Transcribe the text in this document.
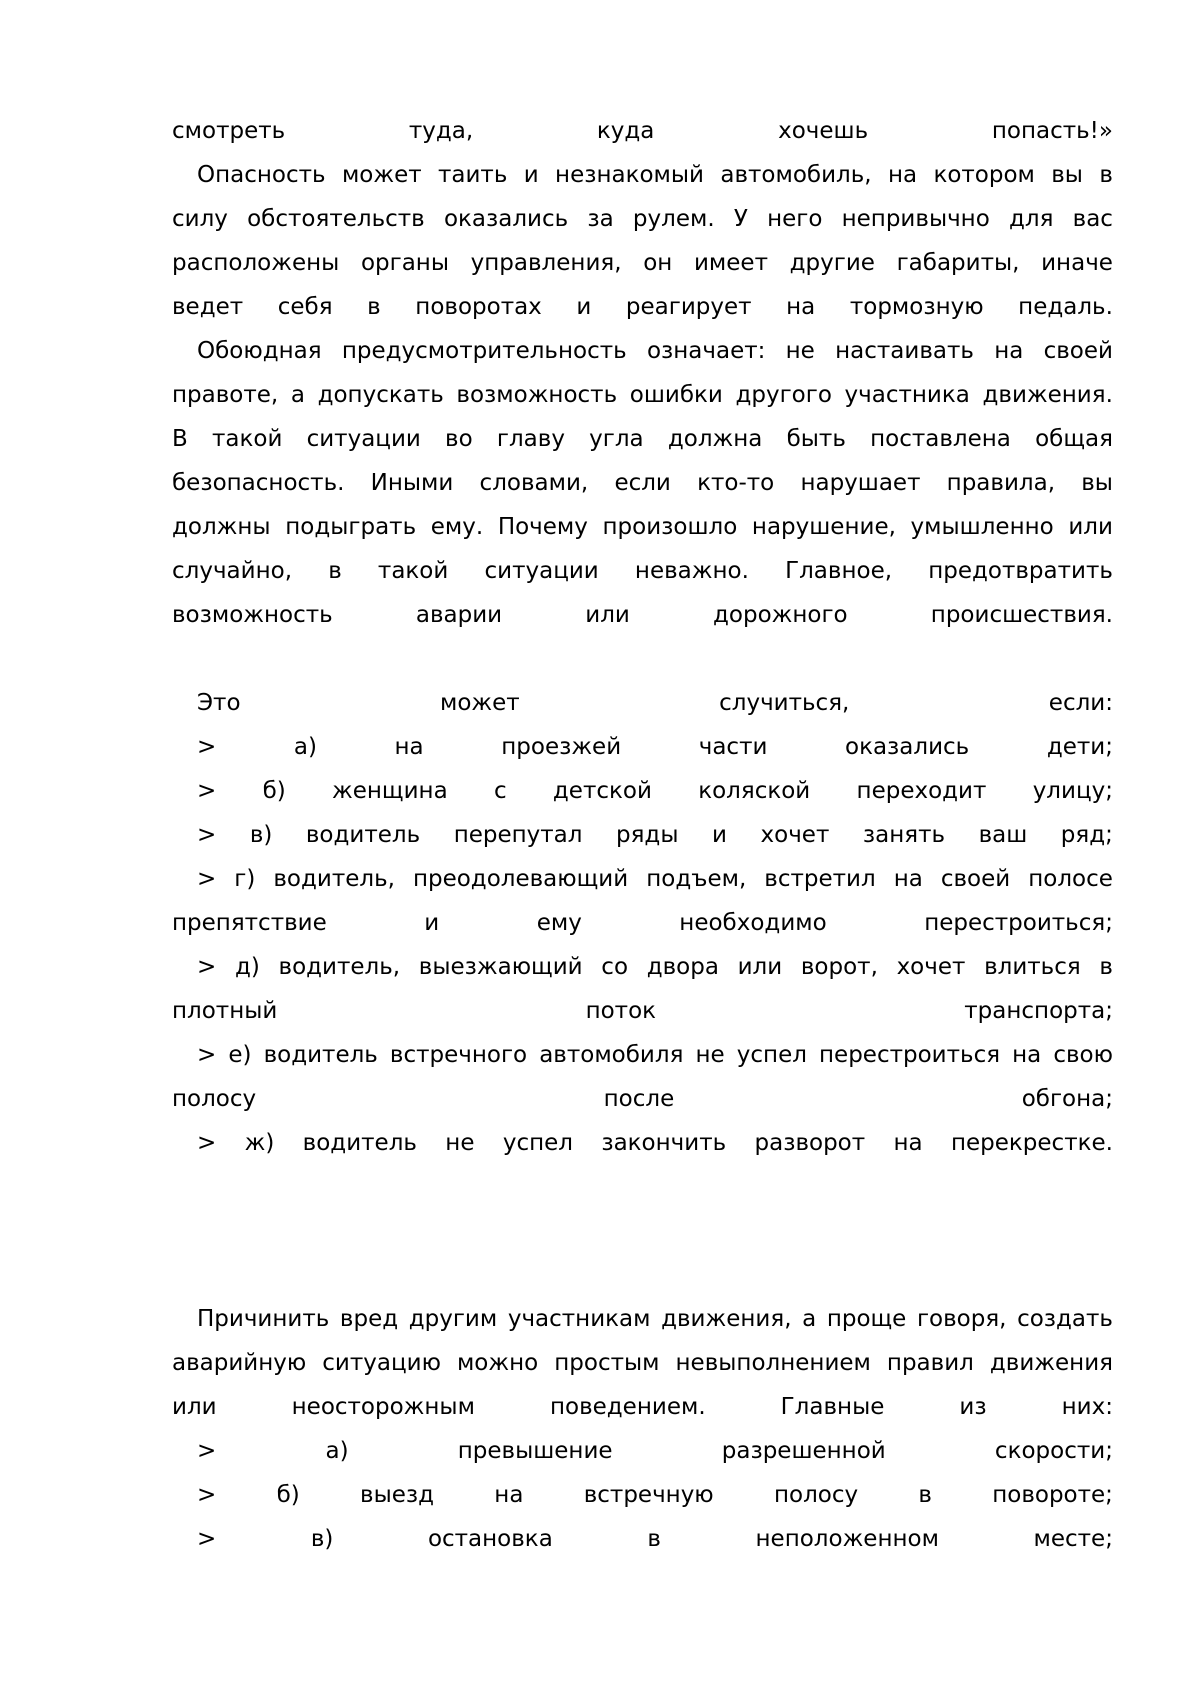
смотреть	туда,	куда	хочешь	попасть!»
Опасность может таить и незнакомый автомобиль, на котором вы в
силу обстоятельств оказались за рулем. У него непривычно для вас
расположены органы управления, он имеет другие габариты, иначе
ведет себя в поворотах и реагирует на тормозную педаль.
Обоюдная предусмотрительность означает: не настаивать на своей
правоте, а допускать возможность ошибки другого участника движения.
В такой ситуации во главу угла должна быть поставлена общая
безопасность. Иными словами, если кто-то нарушает правила, вы
должны подыграть ему. Почему произошло нарушение, умышленно или
случайно, в такой ситуации неважно. Главное, предотвратить
возможность	аварии	или	дорожного	происшествия.
Это	может	случиться,	если:
>	а)	на	проезжей	части	оказались	дети;
> б) женщина с детской коляской переходит улицу;
> в) водитель перепутал ряды и хочет занять ваш ряд;
> г) водитель, преодолевающий подъем, встретил на своей полосе
препятствие	и	ему	необходимо	перестроиться;
> д) водитель, выезжающий со двора или ворот, хочет влиться в
плотный	поток	транспорта;
> е) водитель встречного автомобиля не успел перестроиться на свою
полосу	после	обгона;
> ж) водитель не успел закончить разворот на перекрестке.
Причинить вред другим участникам движения, а проще говоря, создать
аварийную ситуацию можно простым невыполнением правил движения
или	неосторожным	поведением.	Главные	из	них:
>	а)	превышение	разрешенной	скорости;
>	б)	выезд	на	встречную	полосу	в	повороте;
>	в)	остановка	в	неположенном	месте;
